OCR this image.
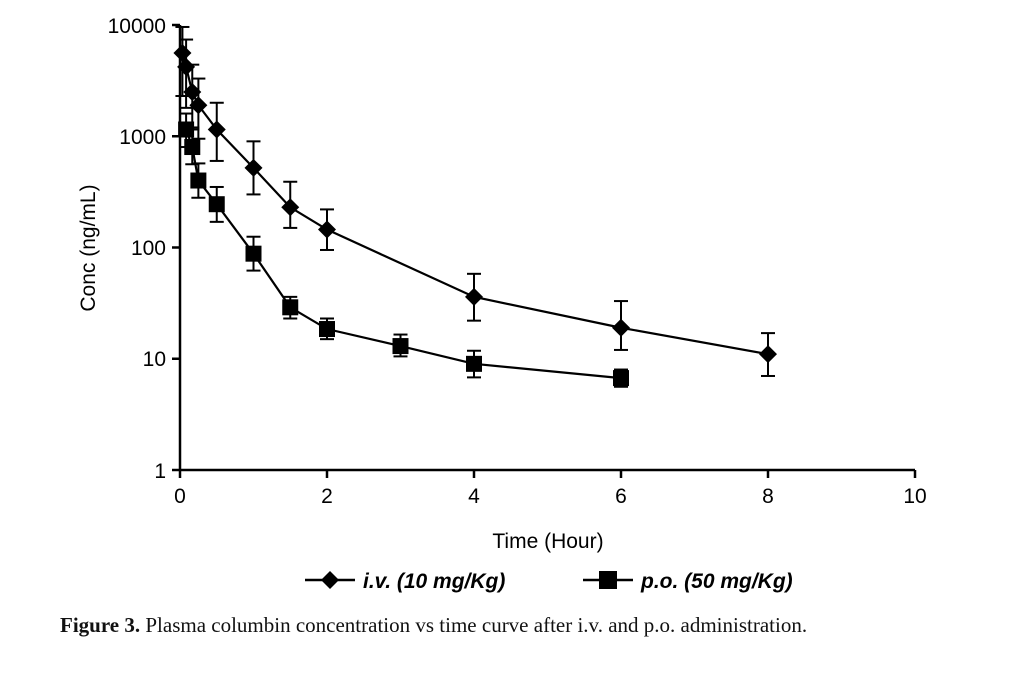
10000
1000
100
10
1
0	2	4	6	8	10
Time (Hour)
Conc (ng/mL)
i.v. (10 mg/Kg)	p.o. (50 mg/Kg)
Figure 3. Plasma columbin concentration vs time curve after i.v. and p.o. administration.
